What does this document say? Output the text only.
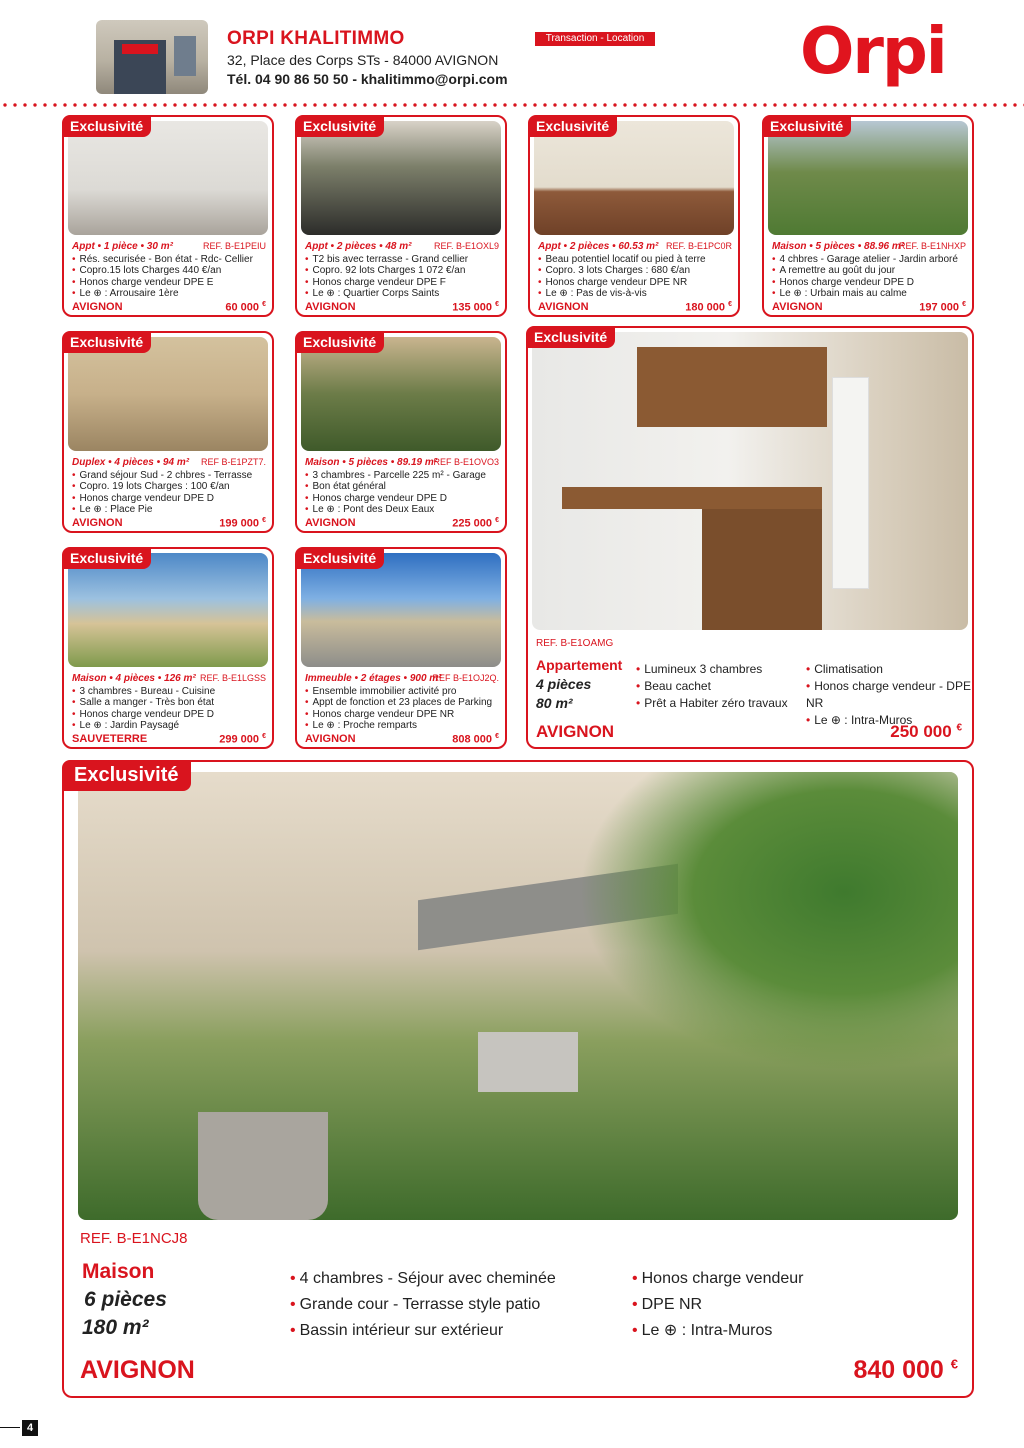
ORPI KHALITIMMO
32, Place des Corps STs - 84000 AVIGNON
Tél. 04 90 86 50 50 - khalitimmo@orpi.com
Transaction - Location Orpi
Exclusivité
Appt • 1 pièce • 30 m²	REF. B-E1PEIU
• Rés. securisée - Bon état - Rdc- Cellier
• Copro.15 lots Charges 440 €/an
• Honos charge vendeur DPE E
• Le ⊕ : Arrousaire 1ère
AVIGNON	60 000 €
Exclusivité
Appt • 2 pièces • 48 m² REF. B-E1OXL9
• T2 bis avec terrasse - Grand cellier
• Copro. 92 lots Charges 1 072 €/an
• Honos charge vendeur DPE F
• Le ⊕ : Quartier Corps Saints
AVIGNON	135 000 €
Exclusivité
Appt • 2 pièces • 60.53 m² REF. B-E1PC0R
• Beau potentiel locatif ou pied à terre
• Copro. 3 lots Charges : 680 €/an
• Honos charge vendeur DPE NR
• Le ⊕ : Pas de vis-à-vis
AVIGNON	180 000 €
Exclusivité
Maison • 5 pièces • 88.96 m²
REF. B-E1NHXP
• 4 chbres - Garage atelier - Jardin arboré
• A remettre au goût du jour
• Honos charge vendeur DPE D
• Le ⊕ : Urbain mais au calme
AVIGNON	197 000 €
Exclusivité
Duplex • 4 pièces • 94 m² REF B-E1PZT7.
• Grand séjour Sud - 2 chbres - Terrasse
• Copro. 19 lots Charges : 100 €/an
• Honos charge vendeur DPE D
• Le ⊕ : Place Pie
AVIGNON	199 000 €
Exclusivité
Maison • 5 pièces • 89.19 m²
REF B-E1OVO3
• 3 chambres - Parcelle 225 m² - Garage
• Bon état général
• Honos charge vendeur DPE D
• Le ⊕ : Pont des Deux Eaux
AVIGNON	225 000 €
Exclusivité
Maison • 4 pièces • 126 m² REF. B-E1LGSS
• 3 chambres - Bureau - Cuisine
• Salle a manger - Très bon état
• Honos charge vendeur DPE D
• Le ⊕ : Jardin Paysagé
SAUVETERRE	299 000 €
Exclusivité
Immeuble • 2 étages • 900 m²
REF B-E1OJ2Q.
• Ensemble immobilier activité pro
• Appt de fonction et 23 places de Parking
• Honos charge vendeur DPE NR
• Le ⊕ : Proche remparts
AVIGNON	808 000 €
Exclusivité
REF. B-E1OAMG
Appartement
4 pièces
80 m²
• Lumineux 3 chambres
• Beau cachet
• Prêt a Habiter zéro travaux
• Climatisation
• Honos charge vendeur - DPE NR
• Le ⊕ : Intra-Muros
AVIGNON	250 000 €
Exclusivité
REF. B-E1NCJ8
Maison
6 pièces
180 m²
• 4 chambres - Séjour avec cheminée
• Grande cour - Terrasse style patio
• Bassin intérieur sur extérieur
• Honos charge vendeur
• DPE NR
• Le ⊕ : Intra-Muros
AVIGNON	840 000 €
4
